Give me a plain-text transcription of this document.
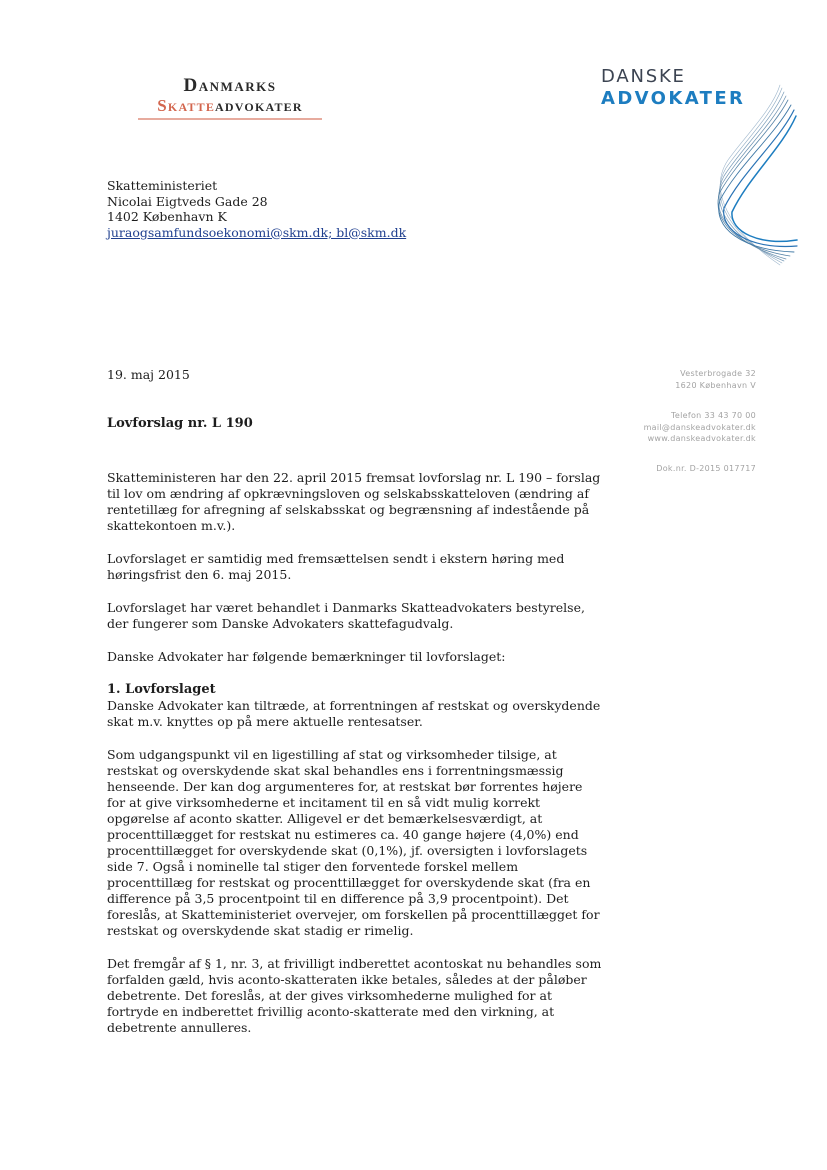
Danmarks
Skatteadvokater
DANSKE
ADVOKATER
Skatteministeriet
Nicolai Eigtveds Gade 28
1402 København K
juraogsamfundsoekonomi@skm.dk; bl@skm.dk
19. maj 2015
Lovforslag nr. L 190
Vesterbrogade 32
1620 København V
Telefon 33 43 70 00
mail@danskeadvokater.dk
www.danskeadvokater.dk
Dok.nr. D-2015 017717

Skatteministeren har den 22. april 2015 fremsat lovforslag nr. L 190 – forslag til lov om ændring af opkrævningsloven og selskabsskatteloven (ændring af rentetillæg for afregning af selskabsskat og begrænsning af indestående på skattekontoen m.v.).

Lovforslaget er samtidig med fremsættelsen sendt i ekstern høring med høringsfrist den 6. maj 2015.

Lovforslaget har været behandlet i Danmarks Skatteadvokaters bestyrelse, der fungerer som Danske Advokaters skattefagudvalg.

Danske Advokater har følgende bemærkninger til lovforslaget:

1. Lovforslaget

Danske Advokater kan tiltræde, at forrentningen af restskat og overskydende skat m.v. knyttes op på mere aktuelle rentesatser.

Som udgangspunkt vil en ligestilling af stat og virksomheder tilsige, at restskat og overskydende skat skal behandles ens i forrentningsmæssig henseende. Der kan dog argumenteres for, at restskat bør forrentes højere for at give virksomhederne et incitament til en så vidt mulig korrekt opgørelse af aconto skatter. Alligevel er det bemærkelsesværdigt, at procenttillægget for restskat nu estimeres ca. 40 gange højere (4,0%) end procenttillægget for overskydende skat (0,1%), jf. oversigten i lovforslagets side 7. Også i nominelle tal stiger den forventede forskel mellem procenttillæg for restskat og procenttillægget for overskydende skat (fra en difference på 3,5 procentpoint til en difference på 3,9 procentpoint). Det foreslås, at Skatteministeriet overvejer, om forskellen på procenttillægget for restskat og overskydende skat stadig er rimelig.

Det fremgår af § 1, nr. 3, at frivilligt indberettet acontoskat nu behandles som forfalden gæld, hvis aconto-skatteraten ikke betales, således at der påløber debetrente. Det foreslås, at der gives virksomhederne mulighed for at fortryde en indberettet frivillig aconto-skatterate med den virkning, at debetrente annulleres.
